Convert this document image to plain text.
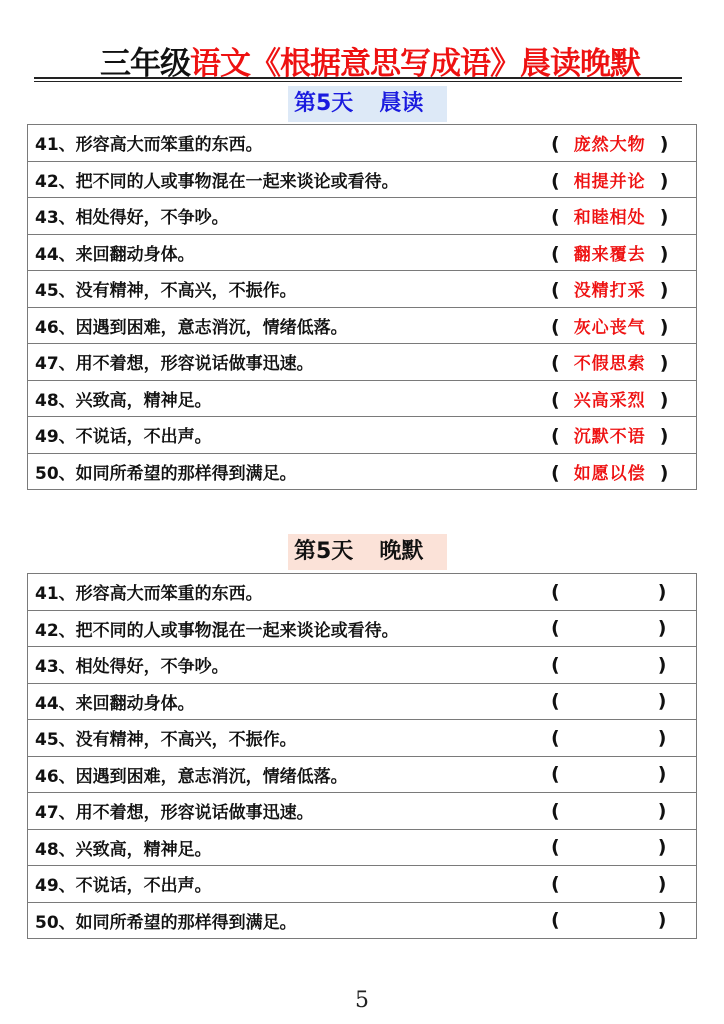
三年级语文《根据意思写成语》晨读晚默
第5天 晨读
41、形容高大而笨重的东西。	( 庞然大物 )
42、把不同的人或事物混在一起来谈论或看待。	( 相提并论 )
43、相处得好，不争吵。	( 和睦相处 )
44、来回翻动身体。	( 翻来覆去 )
45、没有精神，不高兴，不振作。	( 没精打采 )
46、因遇到困难，意志消沉，情绪低落。	( 灰心丧气 )
47、用不着想，形容说话做事迅速。	( 不假思索 )
48、兴致高，精神足。	( 兴高采烈 )
49、不说话，不出声。	( 沉默不语 )
50、如同所希望的那样得到满足。	( 如愿以偿 )
第5天 晚默
41、形容高大而笨重的东西。	( )
42、把不同的人或事物混在一起来谈论或看待。	( )
43、相处得好，不争吵。	( )
44、来回翻动身体。	( )
45、没有精神，不高兴，不振作。	( )
46、因遇到困难，意志消沉，情绪低落。	( )
47、用不着想，形容说话做事迅速。	( )
48、兴致高，精神足。	( )
49、不说话，不出声。	( )
50、如同所希望的那样得到满足。	( )
5
